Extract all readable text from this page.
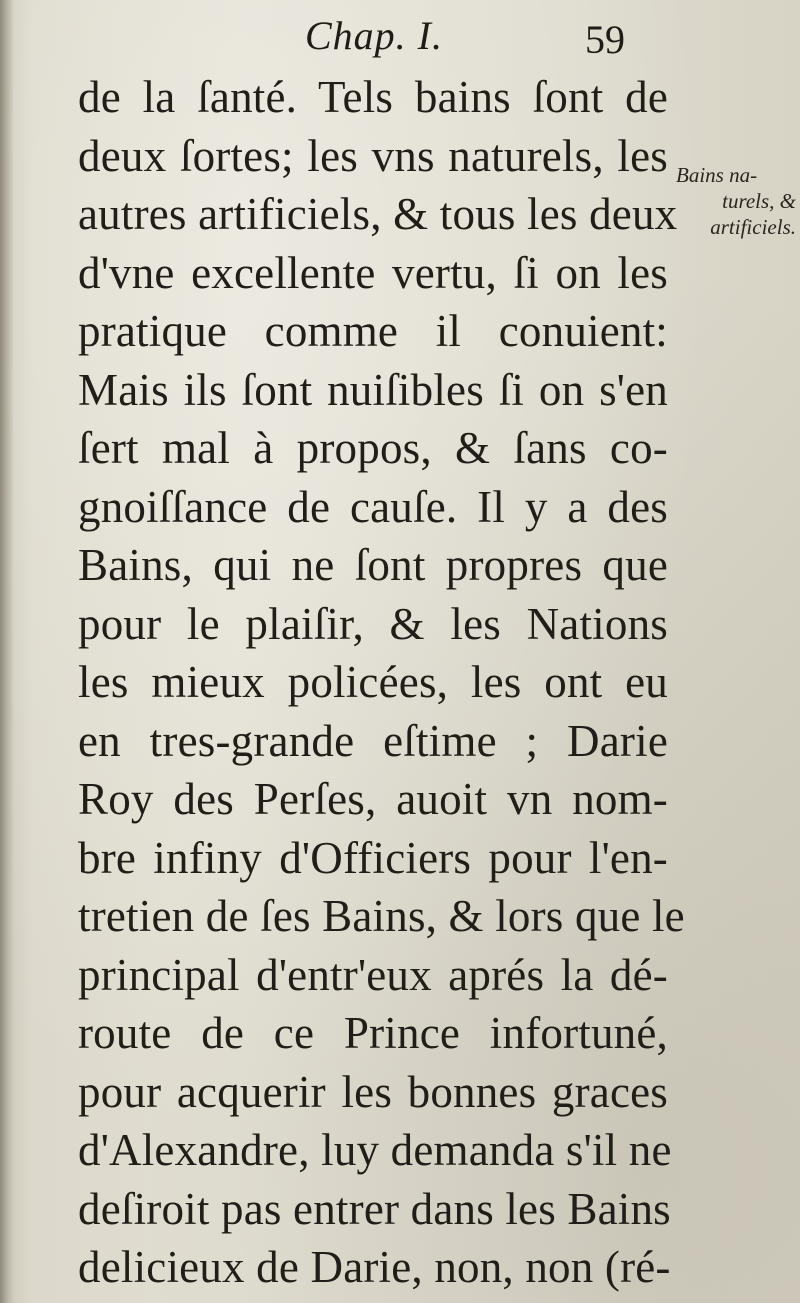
Chap. I.	59
de la ſanté. Tels bains ſont de
deux ſortes; les vns naturels, les
autres artificiels, & tous les deux
d'vne excellente vertu, ſi on les
pratique comme il conuient:
Mais ils ſont nuiſibles ſi on s'en
ſert mal à propos, & ſans co-
gnoiſſance de cauſe. Il y a des
Bains, qui ne ſont propres que
pour le plaiſir, & les Nations
les mieux policées, les ont eu
en tres-grande eſtime ; Darie
Roy des Perſes, auoit vn nom-
bre infiny d'Officiers pour l'en-
tretien de ſes Bains, & lors que le
principal d'entr'eux aprés la dé-
route de ce Prince infortuné,
pour acquerir les bonnes graces
d'Alexandre, luy demanda s'il ne
deſiroit pas entrer dans les Bains
delicieux de Darie, non, non (ré-
Bains na-
turels, &
artificiels.
